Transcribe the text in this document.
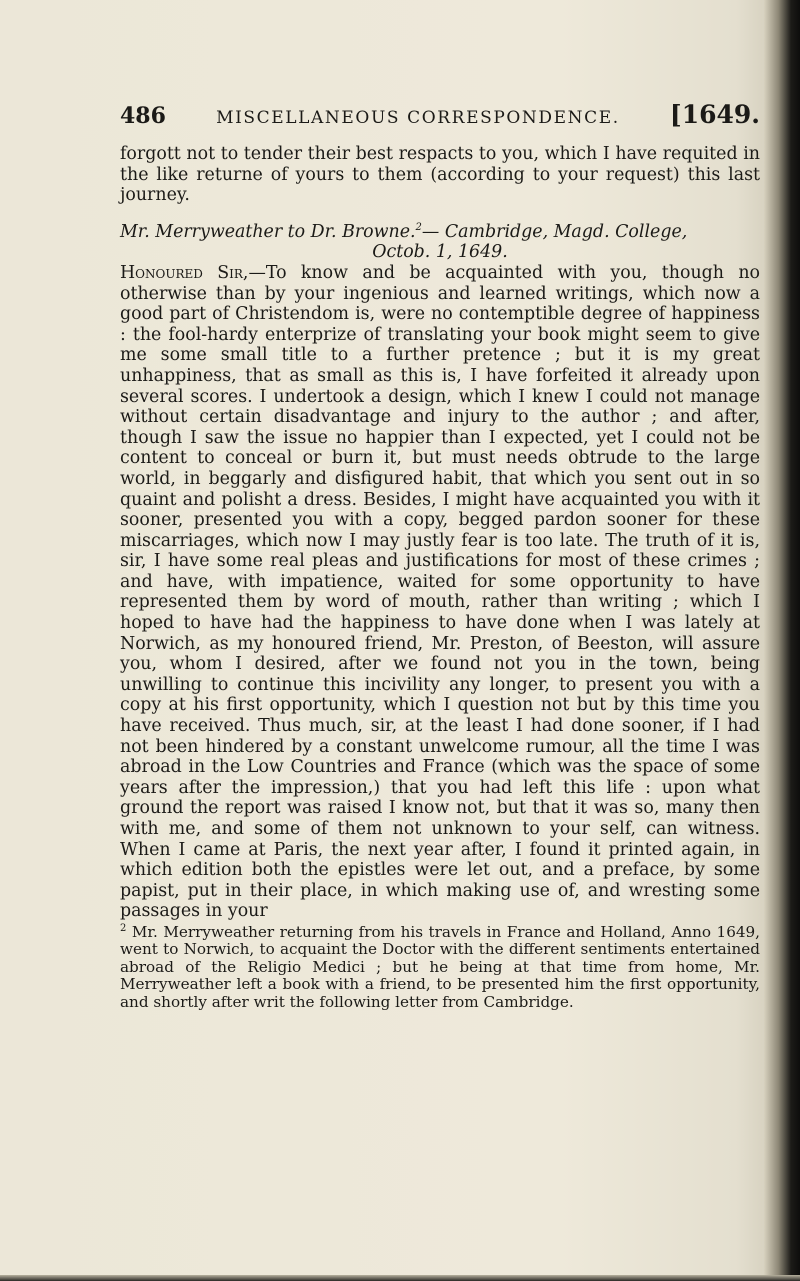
486	MISCELLANEOUS CORRESPONDENCE. [1649.

forgott not to tender their best respacts to you, which I have requited in the like returne of yours to them (according to your request) this last journey.

Mr. Merryweather to Dr. Browne.$^2$— Cambridge, Magd. College,

Octob. 1, 1649.

Honoured Sir,—To know and be acquainted with you, though no otherwise than by your ingenious and learned writings, which now a good part of Christendom is, were no contemptible degree of happiness : the fool-hardy enterprize of translating your book might seem to give me some small title to a further pretence ; but it is my great unhappiness, that as small as this is, I have forfeited it already upon several scores. I undertook a design, which I knew I could not manage without certain disadvantage and injury to the author ; and after, though I saw the issue no happier than I expected, yet I could not be content to conceal or burn it, but must needs obtrude to the large world, in beggarly and disfigured habit, that which you sent out in so quaint and polisht a dress. Besides, I might have acquainted you with it sooner, presented you with a copy, begged pardon sooner for these miscarriages, which now I may justly fear is too late. The truth of it is, sir, I have some real pleas and justifications for most of these crimes ; and have, with impatience, waited for some opportunity to have represented them by word of mouth, rather than writing ; which I hoped to have had the happiness to have done when I was lately at Norwich, as my honoured friend, Mr. Preston, of Beeston, will assure you, whom I desired, after we found not you in the town, being unwilling to continue this incivility any longer, to present you with a copy at his first opportunity, which I question not but by this time you have received. Thus much, sir, at the least I had done sooner, if I had not been hindered by a constant unwelcome rumour, all the time I was abroad in the Low Countries and France (which was the space of some years after the impression,) that you had left this life : upon what ground the report was raised I know not, but that it was so, many then with me, and some of them not unknown to your self, can witness. When I came at Paris, the next year after, I found it printed again, in which edition both the epistles were let out, and a preface, by some papist, put in their place, in which making use of, and wresting some passages in your

$^2$ Mr. Merryweather returning from his travels in France and Holland, Anno 1649, went to Norwich, to acquaint the Doctor with the different sentiments entertained abroad of the Religio Medici ; but he being at that time from home, Mr. Merryweather left a book with a friend, to be presented him the first opportunity, and shortly after writ the following letter from Cambridge.
